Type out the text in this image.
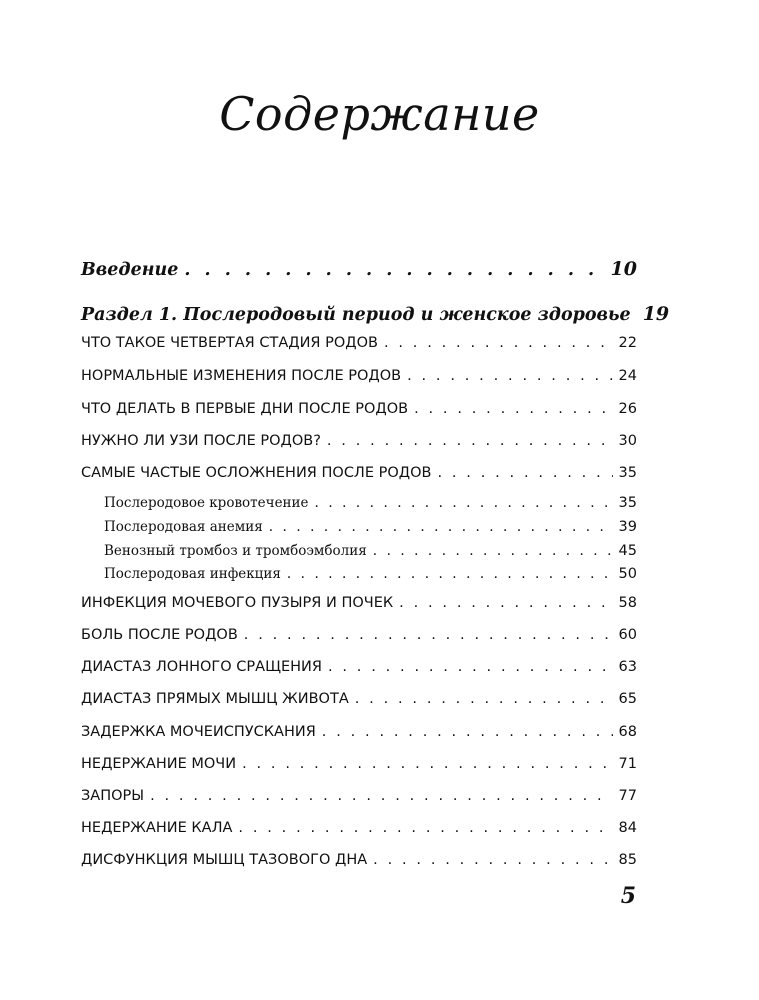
Содержание
Введение . . .	10
Раздел 1. Послеродовый период и женское здоровье 19
ЧТО ТАКОЕ ЧЕТВЕРТАЯ СТАДИЯ РОДОВ . . .	22
НОРМАЛЬНЫЕ ИЗМЕНЕНИЯ ПОСЛЕ РОДОВ . . .	24
ЧТО ДЕЛАТЬ В ПЕРВЫЕ ДНИ ПОСЛЕ РОДОВ . . .	26
НУЖНО ЛИ УЗИ ПОСЛЕ РОДОВ? . . .	30
САМЫЕ ЧАСТЫЕ ОСЛОЖНЕНИЯ ПОСЛЕ РОДОВ . . .	35
Послеродовое кровотечение . . .	35
Послеродовая анемия . . .	39
Венозный тромбоз и тромбоэмболия . . .	45
Послеродовая инфекция . . .	50
ИНФЕКЦИЯ МОЧЕВОГО ПУЗЫРЯ И ПОЧЕК . . .	58
БОЛЬ ПОСЛЕ РОДОВ . . .	60
ДИАСТАЗ ЛОННОГО СРАЩЕНИЯ . . .	63
ДИАСТАЗ ПРЯМЫХ МЫШЦ ЖИВОТА . . .	65
ЗАДЕРЖКА МОЧЕИСПУСКАНИЯ . . .	68
НЕДЕРЖАНИЕ МОЧИ . . .	71
ЗАПОРЫ . . .	77
НЕДЕРЖАНИЕ КАЛА . . .	84
ДИСФУНКЦИЯ МЫШЦ ТАЗОВОГО ДНА . . .	85
5
